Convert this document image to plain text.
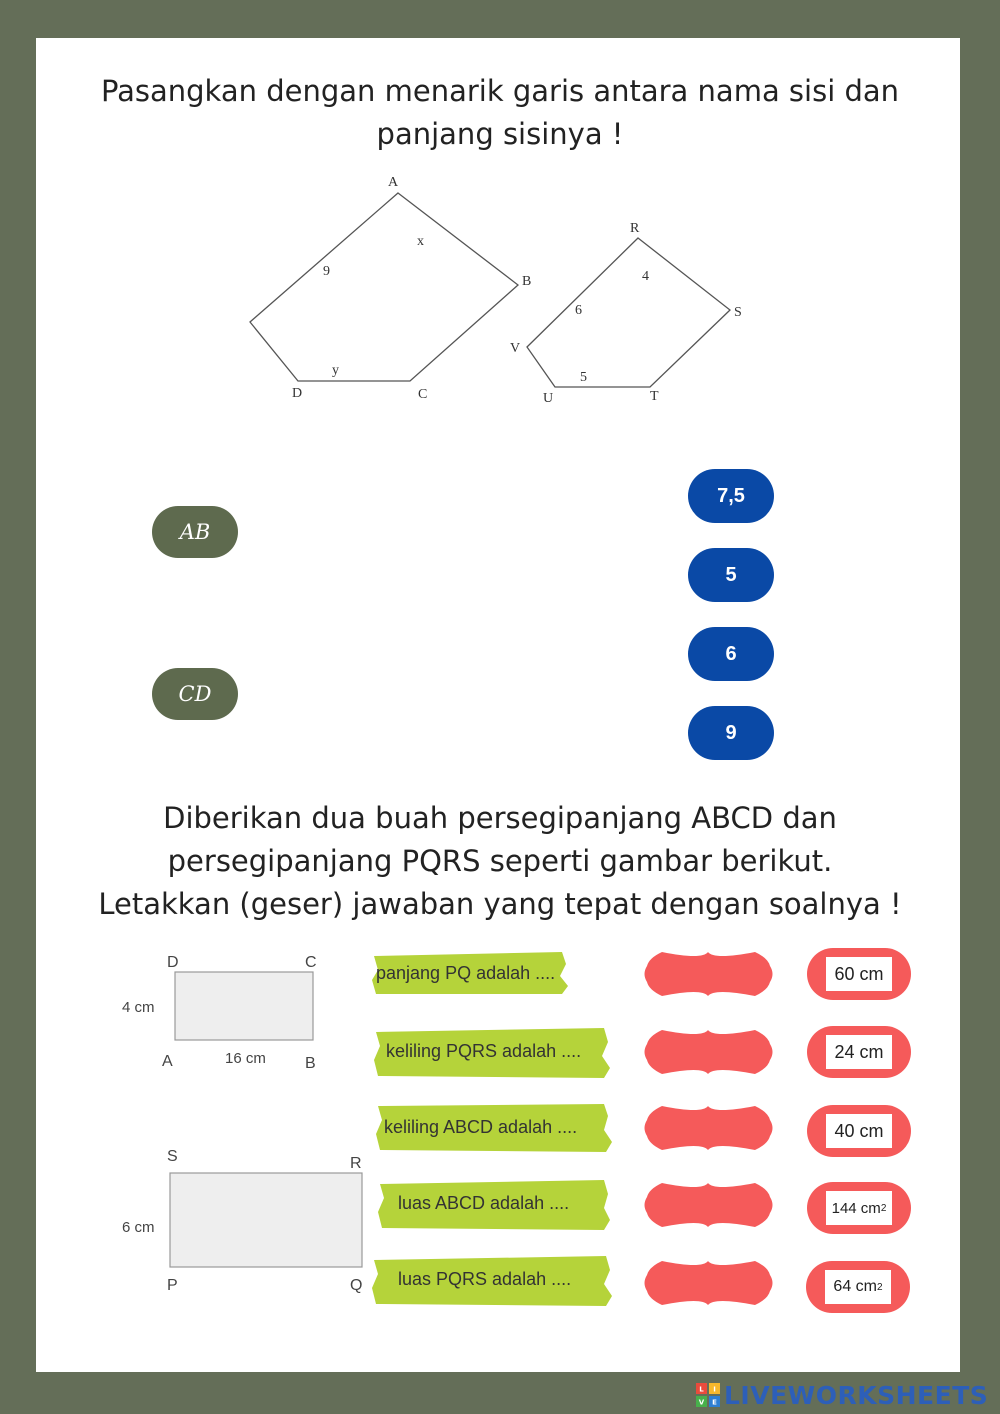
Pasangkan dengan menarik garis antara nama sisi dan
panjang sisinya !
A
B
C
D
x
9
y
R
S
T
U
V
4
6
5
AB
CD
7,5
5
6
9
Diberikan dua buah persegipanjang ABCD dan
persegipanjang PQRS seperti gambar berikut.
Letakkan (geser) jawaban yang tepat dengan soalnya !
D	C
A	B
4 cm
16 cm
S	R
P	Q
6 cm
panjang PQ adalah ....
keliling PQRS adalah ....
keliling ABCD adalah ....
luas ABCD adalah ....
luas PQRS adalah ....
60 cm
24 cm
40 cm
144 cm 2
64 cm 2
L I
V E LIVEWORKSHEETS
